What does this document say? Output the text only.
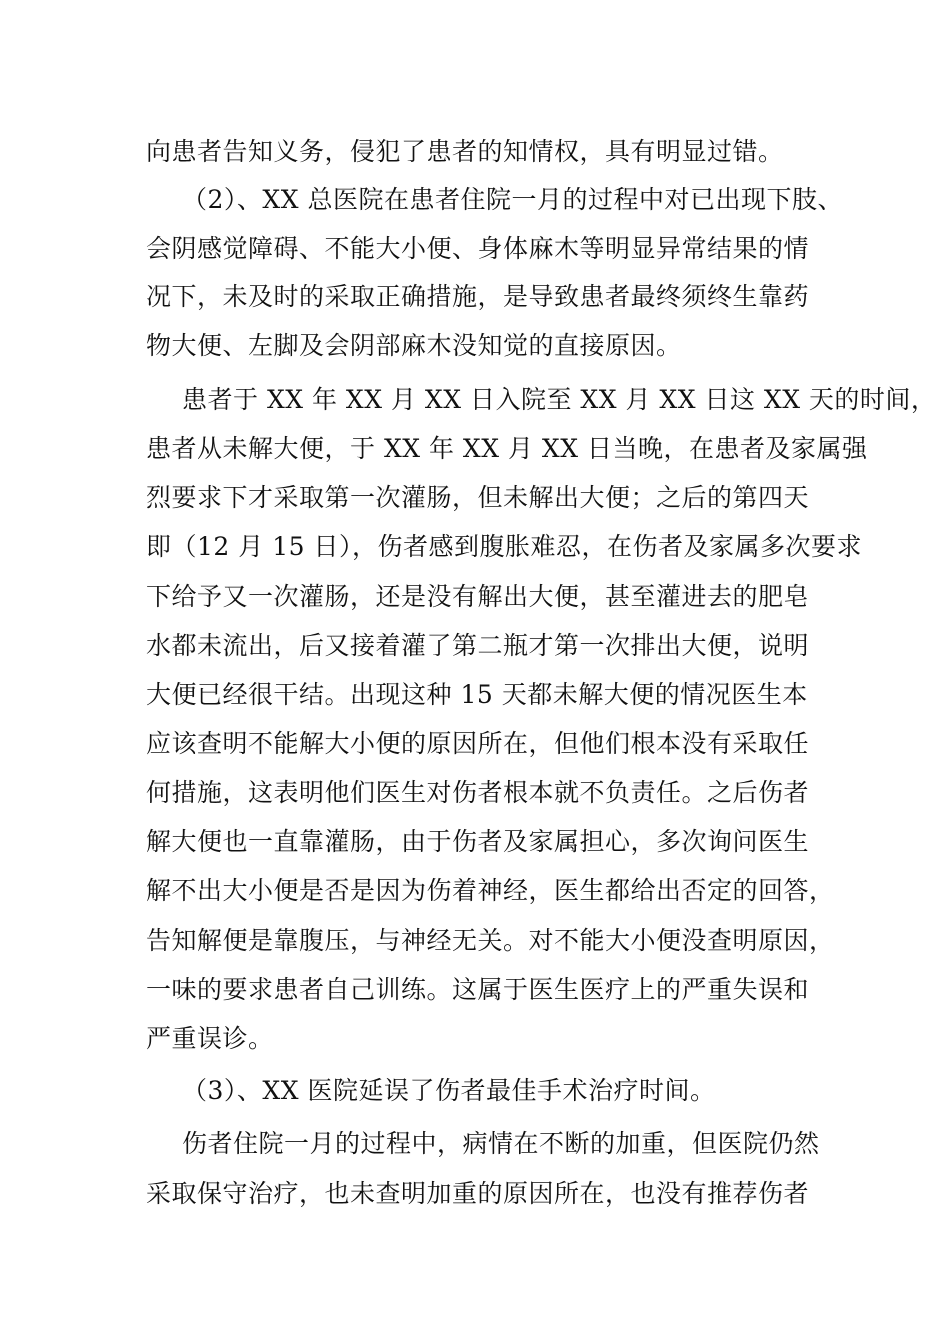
向患者告知义务，侵犯了患者的知情权，具有明显过错。
（2）、XX 总医院在患者住院一月的过程中对已出现下肢、
会阴感觉障碍、不能大小便、身体麻木等明显异常结果的情
况下，未及时的采取正确措施，是导致患者最终须终生靠药
物大便、左脚及会阴部麻木没知觉的直接原因。
患者于 XX 年 XX 月 XX 日入院至 XX 月 XX 日这 XX 天的时间，
患者从未解大便，于 XX 年 XX 月 XX 日当晚，在患者及家属强
烈要求下才采取第一次灌肠，但未解出大便；之后的第四天
即（12 月 15 日），伤者感到腹胀难忍，在伤者及家属多次要求
下给予又一次灌肠，还是没有解出大便，甚至灌进去的肥皂
水都未流出，后又接着灌了第二瓶才第一次排出大便，说明
大便已经很干结。出现这种 15 天都未解大便的情况医生本
应该查明不能解大小便的原因所在，但他们根本没有采取任
何措施，这表明他们医生对伤者根本就不负责任。之后伤者
解大便也一直靠灌肠，由于伤者及家属担心，多次询问医生
解不出大小便是否是因为伤着神经，医生都给出否定的回答，
告知解便是靠腹压，与神经无关。对不能大小便没查明原因，
一味的要求患者自己训练。这属于医生医疗上的严重失误和
严重误诊。
（3）、XX 医院延误了伤者最佳手术治疗时间。
伤者住院一月的过程中，病情在不断的加重，但医院仍然
采取保守治疗，也未查明加重的原因所在，也没有推荐伤者
